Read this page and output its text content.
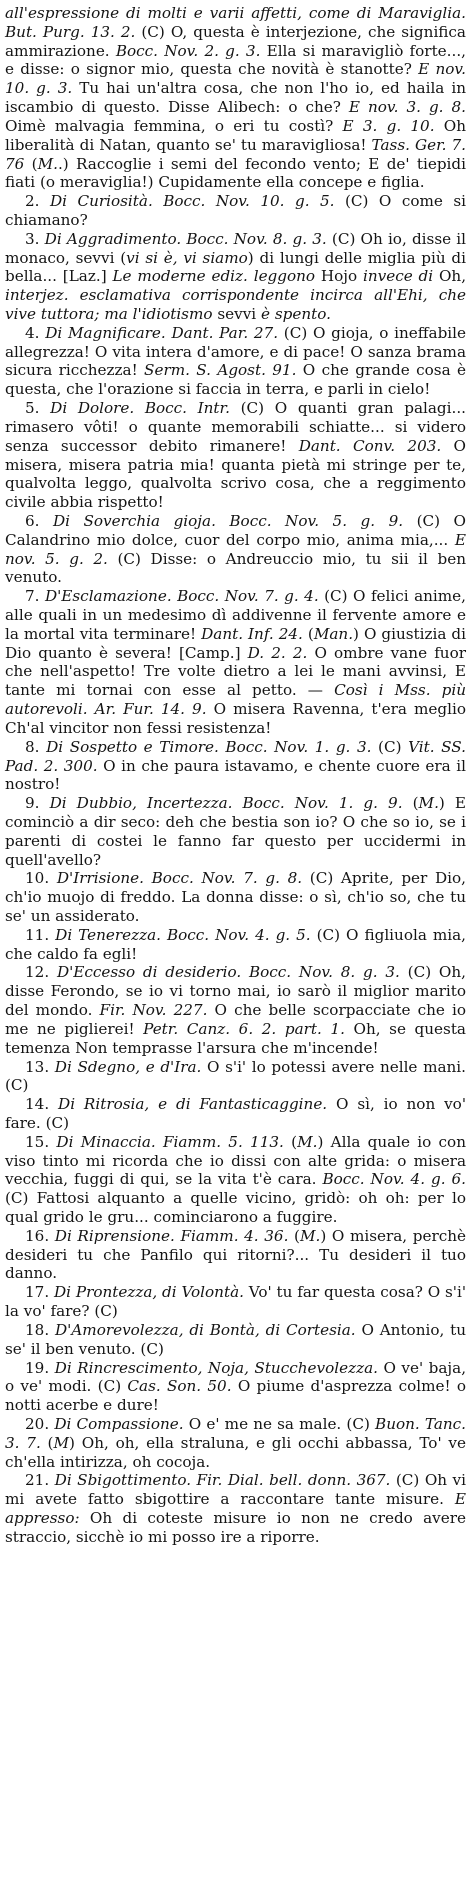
all'espressione di molti e varii affetti, come di Maraviglia. But. Purg. 13. 2. (C) O, questa è interjezione, che significa ammirazione. Bocc. Nov. 2. g. 3. Ella si maravigliò forte..., e disse: o signor mio, questa che novità è stanotte? E nov. 10. g. 3. Tu hai un'altra cosa, che non l'ho io, ed haila in iscambio di questo. Disse Alibech: o che? E nov. 3. g. 8. Oimè malvagia femmina, o eri tu costì? E 3. g. 10. Oh liberalità di Natan, quanto se' tu maravigliosa! Tass. Ger. 7. 76 (M..) Raccoglie i semi del fecondo vento; E de' tiepidi fiati (o meraviglia!) Cupidamente ella concepe e figlia.

2. Di Curiosità. Bocc. Nov. 10. g. 5. (C) O come si chiamano?

3. Di Aggradimento. Bocc. Nov. 8. g. 3. (C) Oh io, disse il monaco, sevvi (vi si è, vi siamo) di lungi delle miglia più di bella... [Laz.] Le moderne ediz. leggono Hojo invece di Oh, interjez. esclamativa corrispondente incirca all'Ehi, che vive tuttora; ma l'idiotismo sevvi è spento.

4. Di Magnificare. Dant. Par. 27. (C) O gioja, o ineffabile allegrezza! O vita intera d'amore, e di pace! O sanza brama sicura ricchezza! Serm. S. Agost. 91. O che grande cosa è questa, che l'orazione si faccia in terra, e parli in cielo!

5. Di Dolore. Bocc. Intr. (C) O quanti gran palagi... rimasero vôti! o quante memorabili schiatte... si videro senza successor debito rimanere! Dant. Conv. 203. O misera, misera patria mia! quanta pietà mi stringe per te, qualvolta leggo, qualvolta scrivo cosa, che a reggimento civile abbia rispetto!

6. Di Soverchia gioja. Bocc. Nov. 5. g. 9. (C) O Calandrino mio dolce, cuor del corpo mio, anima mia,... E nov. 5. g. 2. (C) Disse: o Andreuccio mio, tu sii il ben venuto.

7. D'Esclamazione. Bocc. Nov. 7. g. 4. (C) O felici anime, alle quali in un medesimo dì addivenne il fervente amore e la mortal vita terminare! Dant. Inf. 24. (Man.) O giustizia di Dio quanto è severa! [Camp.] D. 2. 2. O ombre vane fuor che nell'aspetto! Tre volte dietro a lei le mani avvinsi, E tante mi tornai con esse al petto. — Così i Mss. più autorevoli. Ar. Fur. 14. 9. O misera Ravenna, t'era meglio Ch'al vincitor non fessi resistenza!

8. Di Sospetto e Timore. Bocc. Nov. 1. g. 3. (C) Vit. SS. Pad. 2. 300. O in che paura istavamo, e chente cuore era il nostro!

9. Di Dubbio, Incertezza. Bocc. Nov. 1. g. 9. (M.) E cominciò a dir seco: deh che bestia son io? O che so io, se i parenti di costei le fanno far questo per uccidermi in quell'avello?

10. D'Irrisione. Bocc. Nov. 7. g. 8. (C) Aprite, per Dio, ch'io muojo di freddo. La donna disse: o sì, ch'io so, che tu se' un assiderato.

11. Di Tenerezza. Bocc. Nov. 4. g. 5. (C) O figliuola mia, che caldo fa egli!

12. D'Eccesso di desiderio. Bocc. Nov. 8. g. 3. (C) Oh, disse Ferondo, se io vi torno mai, io sarò il miglior marito del mondo. Fir. Nov. 227. O che belle scorpacciate che io me ne piglierei! Petr. Canz. 6. 2. part. 1. Oh, se questa temenza Non temprasse l'arsura che m'incende!

13. Di Sdegno, e d'Ira. O s'i' lo potessi avere nelle mani. (C)

14. Di Ritrosia, e di Fantasticaggine. O sì, io non vo' fare. (C)

15. Di Minaccia. Fiamm. 5. 113. (M.) Alla quale io con viso tinto mi ricorda che io dissi con alte grida: o misera vecchia, fuggi di qui, se la vita t'è cara. Bocc. Nov. 4. g. 6. (C) Fattosi alquanto a quelle vicino, gridò: oh oh: per lo qual grido le gru... cominciarono a fuggire.

16. Di Riprensione. Fiamm. 4. 36. (M.) O misera, perchè desideri tu che Panfilo qui ritorni?... Tu desideri il tuo danno.

17. Di Prontezza, di Volontà. Vo' tu far questa cosa? O s'i' la vo' fare? (C)

18. D'Amorevolezza, di Bontà, di Cortesia. O Antonio, tu se' il ben venuto. (C)

19. Di Rincrescimento, Noja, Stucchevolezza. O ve' baja, o ve' modi. (C) Cas. Son. 50. O piume d'asprezza colme! o notti acerbe e dure!

20. Di Compassione. O e' me ne sa male. (C) Buon. Tanc. 3. 7. (M) Oh, oh, ella straluna, e gli occhi abbassa, To' ve ch'ella intirizza, oh cocoja.

21. Di Sbigottimento. Fir. Dial. bell. donn. 367. (C) Oh vi mi avete fatto sbigottire a raccontare tante misure. E appresso: Oh di coteste misure io non ne credo avere straccio, sicchè io mi posso ire a riporre.
